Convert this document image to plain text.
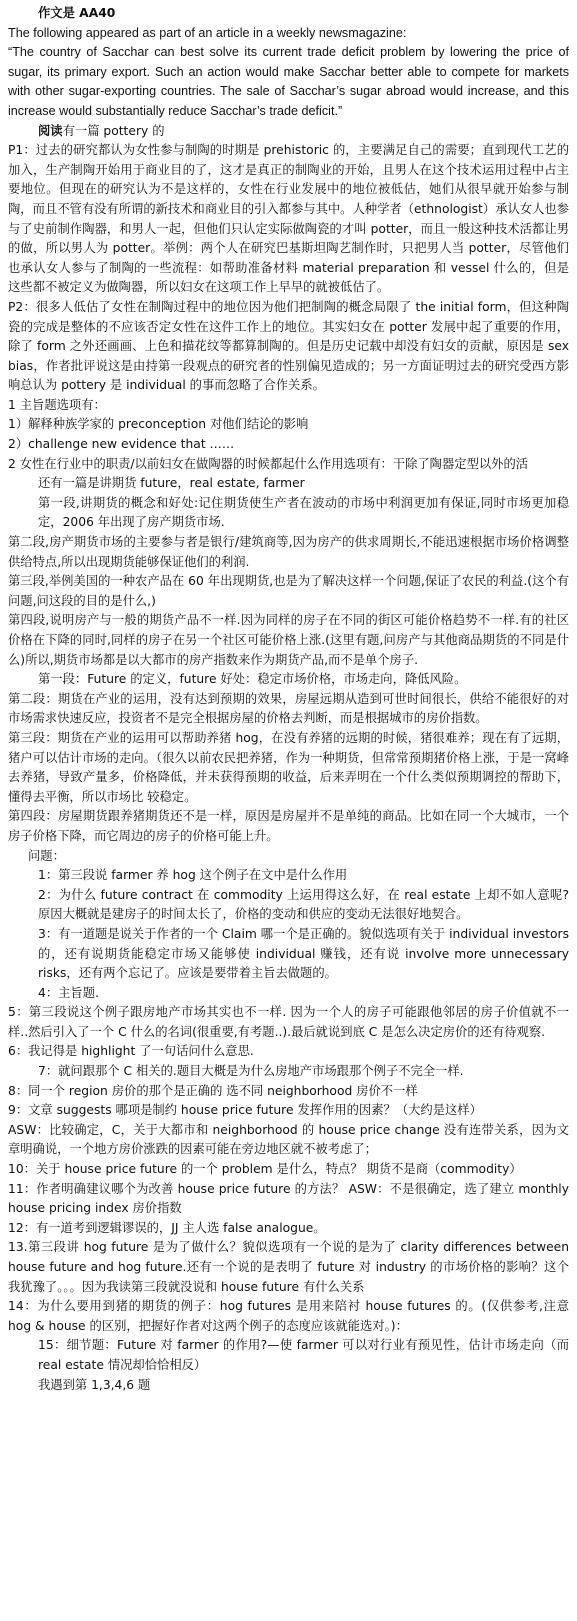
作文是 AA40

The following appeared as part of an article in a weekly newsmagazine:

“The country of Sacchar can best solve its current trade deficit problem by lowering the price of sugar, its primary export. Such an action would make Sacchar better able to compete for markets with other sugar-exporting countries. The sale of Sacchar’s sugar abroad would increase, and this increase would substantially reduce Sacchar’s trade deficit.”

阅读有一篇 pottery 的

P1：过去的研究都认为女性参与制陶的时期是 prehistoric 的，主要满足自己的需要；直到现代工艺的加入，生产制陶开始用于商业目的了，这才是真正的制陶业的开始，且男人在这个技术运用过程中占主要地位。但现在的研究认为不是这样的，女性在行业发展中的地位被低估，她们从很早就开始参与制陶，而且不管有没有所谓的新技术和商业目的引入都参与其中。人种学者（ethnologist）承认女人也参与了史前制作陶器，和男人一起，但他们只认定实际做陶瓷的才叫 potter，而且一般这种技术活都让男的做，所以男人为 potter。举例：两个人在研究巴基斯坦陶艺制作时，只把男人当 potter，尽管他们也承认女人参与了制陶的一些流程：如帮助准备材料 material preparation 和 vessel 什么的，但是这些都不被定义为做陶器，所以妇女在这项工作上早早的就被低估了。

P2：很多人低估了女性在制陶过程中的地位因为他们把制陶的概念局限了 the initial form，但这种陶瓷的完成是整体的不应该否定女性在这件工作上的地位。其实妇女在 potter 发展中起了重要的作用，除了 form 之外还画画、上色和描花纹等都算制陶的。但是历史记载中却没有妇女的贡献，原因是 sex bias，作者批评说这是由持第一段观点的研究者的性别偏见造成的；另一方面证明过去的研究受西方影响总认为 pottery 是 individual 的事而忽略了合作关系。

1 主旨题选项有：

1）解释种族学家的 preconception 对他们结论的影响

2）challenge new evidence that ……

2 女性在行业中的职责/以前妇女在做陶器的时候都起什么作用选项有：干除了陶器定型以外的活

还有一篇是讲期货 future，real estate, farmer

第一段,讲期货的概念和好处:记住期货使生产者在波动的市场中利润更加有保证,同时市场更加稳定，2006 年出现了房产期货市场.

第二段,房产期货市场的主要参与者是银行/建筑商等,因为房产的供求周期长,不能迅速根据市场价格调整供给特点,所以出现期货能够保证他们的利润.

第三段,举例美国的一种农产品在 60 年出现期货,也是为了解决这样一个问题,保证了农民的利益.(这个有问题,问这段的目的是什么,)

第四段,说明房产与一般的期货产品不一样.因为同样的房子在不同的街区可能价格趋势不一样.有的社区价格在下降的同时,同样的房子在另一个社区可能价格上涨.(这里有题,问房产与其他商品期货的不同是什么)所以,期货市场都是以大都市的房产指数来作为期货产品,而不是单个房子.

第一段：Future 的定义，future 好处：稳定市场价格，市场走向，降低风险。

第二段：期货在产业的运用，没有达到预期的效果，房屋远期从造到可世时间很长，供给不能很好的对市场需求快速反应，投资者不是完全根据房屋的价格去判断，而是根据城市的房价指数。

第三段：期货在产业的运用可以帮助养猪 hog，在没有养猪的远期的时候，猪很难养；现在有了远期，猪户可以估计市场的走向。（很久以前农民把养猪，作为一种期货，但常常预期猪价格上涨，于是一窝峰去养猪，导致产量多，价格降低，并未获得预期的收益，后来弄明在一个什么类似预期调控的帮助下，懂得去平衡，所以市场比 较稳定。

第四段：房屋期货跟养猪期货还不是一样，原因是房屋并不是单纯的商品。比如在同一个大城市，一个房子价格下降，而它周边的房子的价格可能上升。

问题：

1：第三段说 farmer 养 hog 这个例子在文中是什么作用

2：为什么 future contract 在 commodity 上运用得这么好，在 real estate 上却不如人意呢? 原因大概就是建房子的时间太长了，价格的变动和供应的变动无法很好地契合。

3：有一道题是说关于作者的一个 Claim 哪一个是正确的。貌似选项有关于 individual investors 的，还有说期货能稳定市场又能够使 individual 赚钱，还有说 involve more unnecessary risks，还有两个忘记了。应该是要带着主旨去做题的。

4：主旨题.

5：第三段说这个例子跟房地产市场其实也不一样. 因为一个人的房子可能跟他邻居的房子价值就不一样..然后引入了一个 C 什么的名词(很重要,有考题..).最后就说到底 C 是怎么决定房价的还有待观察.

6：我记得是 highlight 了一句话问什么意思.

7：就问跟那个 C 相关的.题目大概是为什么房地产市场跟那个例子不完全一样.

8：同一个 region 房价的那个是正确的 选不同 neighborhood 房价不一样

9：文章 suggests 哪项是制约 house price future 发挥作用的因素？（大约是这样）

ASW：比较确定，C，关于大都市和 neighborhood 的 house price change 没有连带关系，因为文章明确说，一个地方房价涨跌的因素可能在旁边地区就不被考虑了；

10：关于 house price future 的一个 problem 是什么，特点？ 期货不是商（commodity）

11：作者明确建议哪个为改善 house price future 的方法？ ASW：不是很确定，选了建立 monthly house pricing index 房价指数

12：有一道考到逻辑谬误的，JJ 主人选 false analogue。

13.第三段讲 hog future 是为了做什么？貌似选项有一个说的是为了 clarity differences between house future and hog future.还有一个说的是表明了 future 对 industry 的市场价格的影响？这个我犹豫了。。。因为我读第三段就没说和 house future 有什么关系

14：为什么要用到猪的期货的例子：hog futures 是用来陪衬 house futures 的。(仅供参考,注意 hog & house 的区别，把握好作者对这两个例子的态度应该就能选对。)：

15：细节题：Future 对 farmer 的作用?—使 farmer 可以对行业有预见性，估计市场走向（而 real estate 情况却恰恰相反）

我遇到第 1,3,4,6 题
